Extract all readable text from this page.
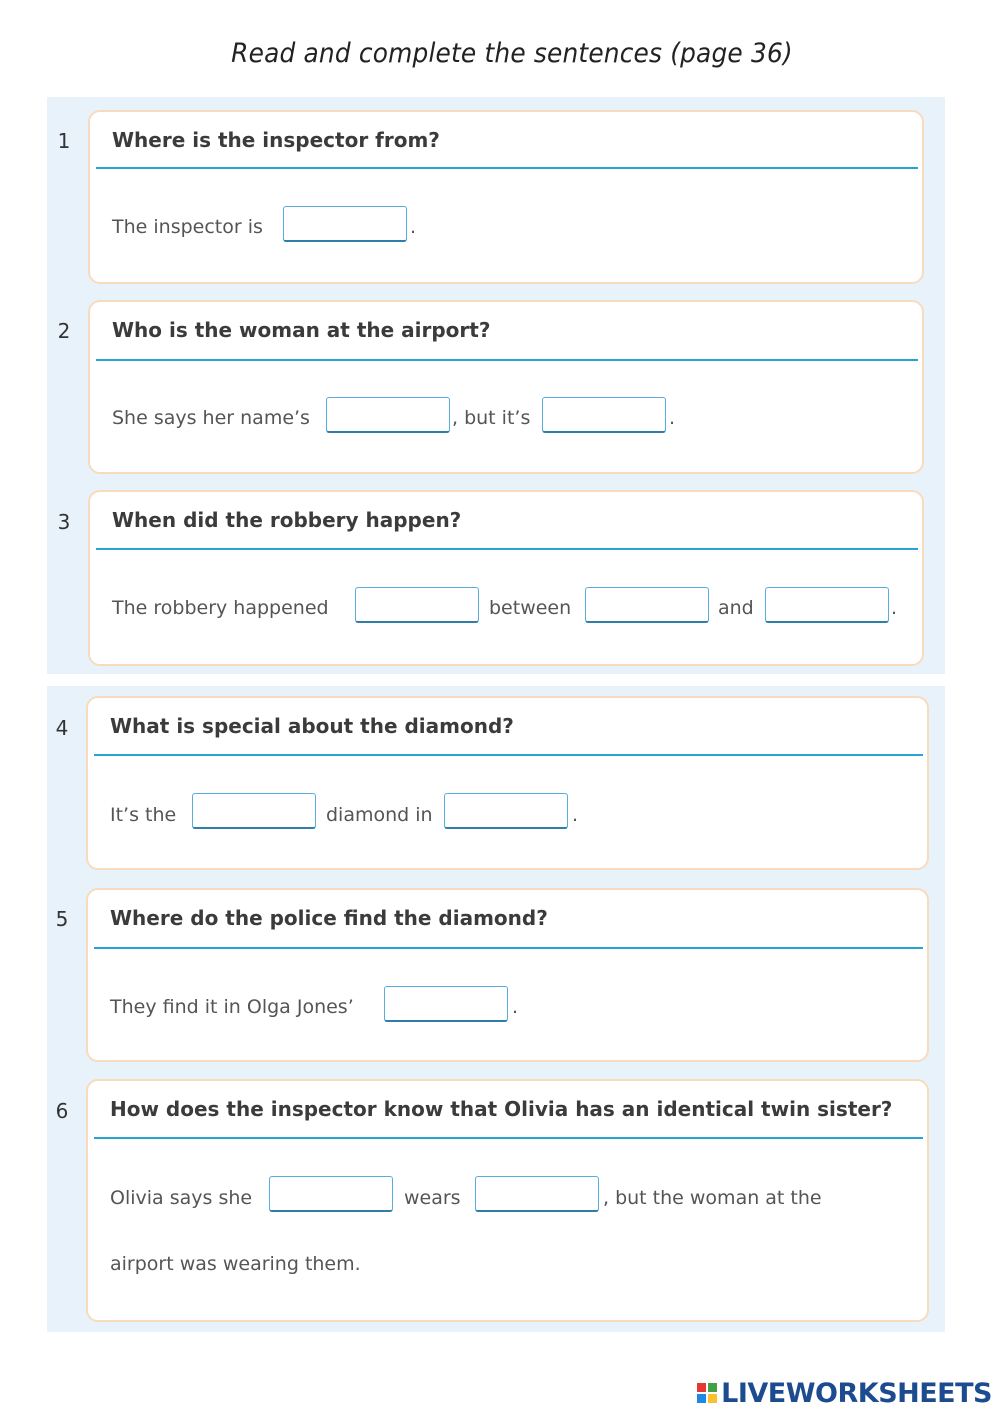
Read and complete the sentences (page 36)
1	Where is the inspector from?
The inspector is	.
2	Who is the woman at the airport?
She says her name’s	, but it’s	.
3	When did the robbery happen?
The robbery happened	between	and	.
4	What is special about the diamond?
It’s the	diamond in	.
5	Where do the police find the diamond?
They find it in Olga Jones’	.
6	How does the inspector know that Olivia has an identical twin sister?
Olivia says she	wears	, but the woman at the
airport was wearing them.
LIVEWORKSHEETS
